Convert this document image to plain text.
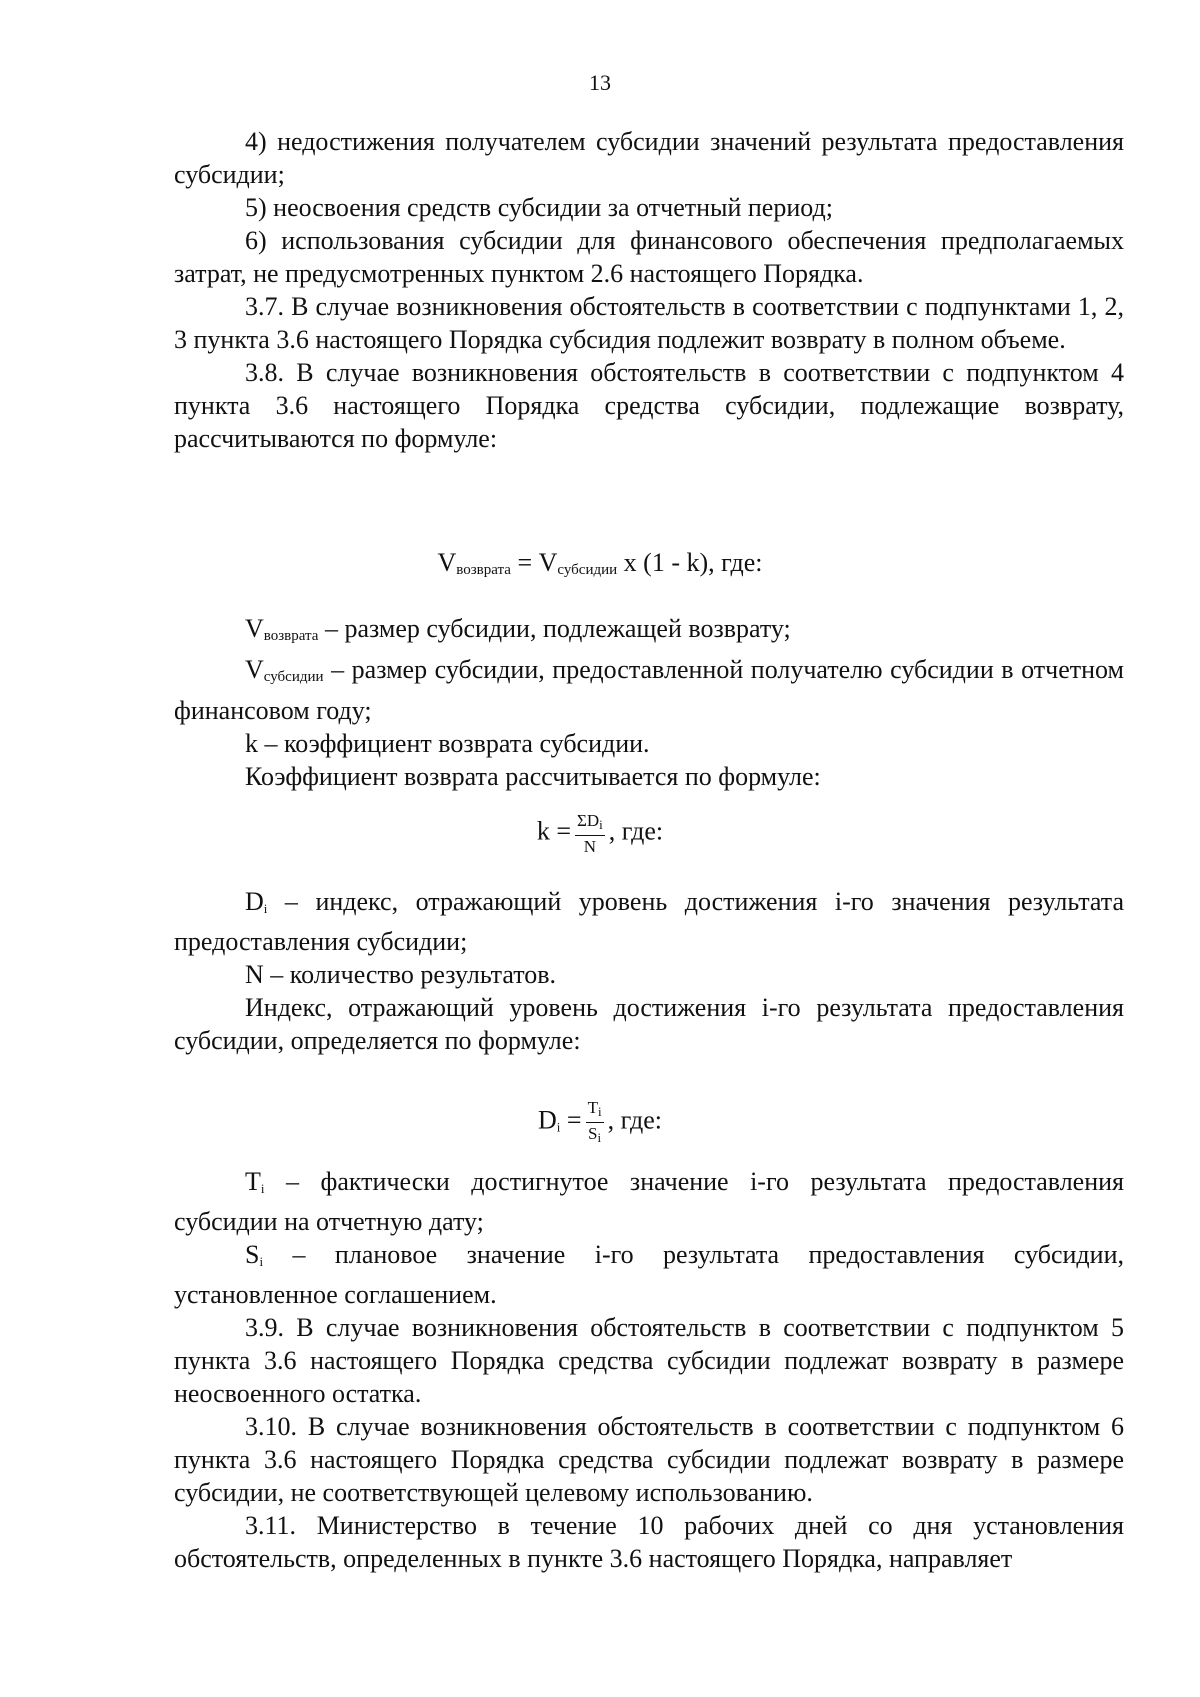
13

4) недостижения получателем субсидии значений результата предоставления субсидии;

5) неосвоения средств субсидии за отчетный период;

6) использования субсидии для финансового обеспечения предполагаемых затрат, не предусмотренных пунктом 2.6 настоящего Порядка.

3.7. В случае возникновения обстоятельств в соответствии с подпунктами 1, 2, 3 пункта 3.6 настоящего Порядка субсидия подлежит возврату в полном объеме.

3.8. В случае возникновения обстоятельств в соответствии с подпунктом 4 пункта 3.6 настоящего Порядка средства субсидии, подлежащие возврату, рассчитываются по формуле:

$V_{возврата} = V_{субсидии}$ x (1 - k), где:

$V_{возврата}$ – размер субсидии, подлежащей возврату;

$V_{субсидии}$ – размер субсидии, предоставленной получателю субсидии в отчетном финансовом году;

k – коэффициент возврата субсидии.

Коэффициент возврата рассчитывается по формуле:

$k = \frac{\text{ΣDi}}{N}$ , где:

Di – индекс, отражающий уровень достижения i-го значения результата предоставления субсидии;

N – количество результатов.

Индекс, отражающий уровень достижения i-го результата предоставления субсидии, определяется по формуле:

$Di = \frac{Ti}{Si}$ , где:

Ti – фактически достигнутое значение i-го результата предоставления субсидии на отчетную дату;

Si – плановое значение i-го результата предоставления субсидии, установленное соглашением.

3.9. В случае возникновения обстоятельств в соответствии с подпунктом 5 пункта 3.6 настоящего Порядка средства субсидии подлежат возврату в размере неосвоенного остатка.

3.10. В случае возникновения обстоятельств в соответствии с подпунктом 6 пункта 3.6 настоящего Порядка средства субсидии подлежат возврату в размере субсидии, не соответствующей целевому использованию.

3.11. Министерство в течение 10 рабочих дней со дня установления обстоятельств, определенных в пункте 3.6 настоящего Порядка, направляет
